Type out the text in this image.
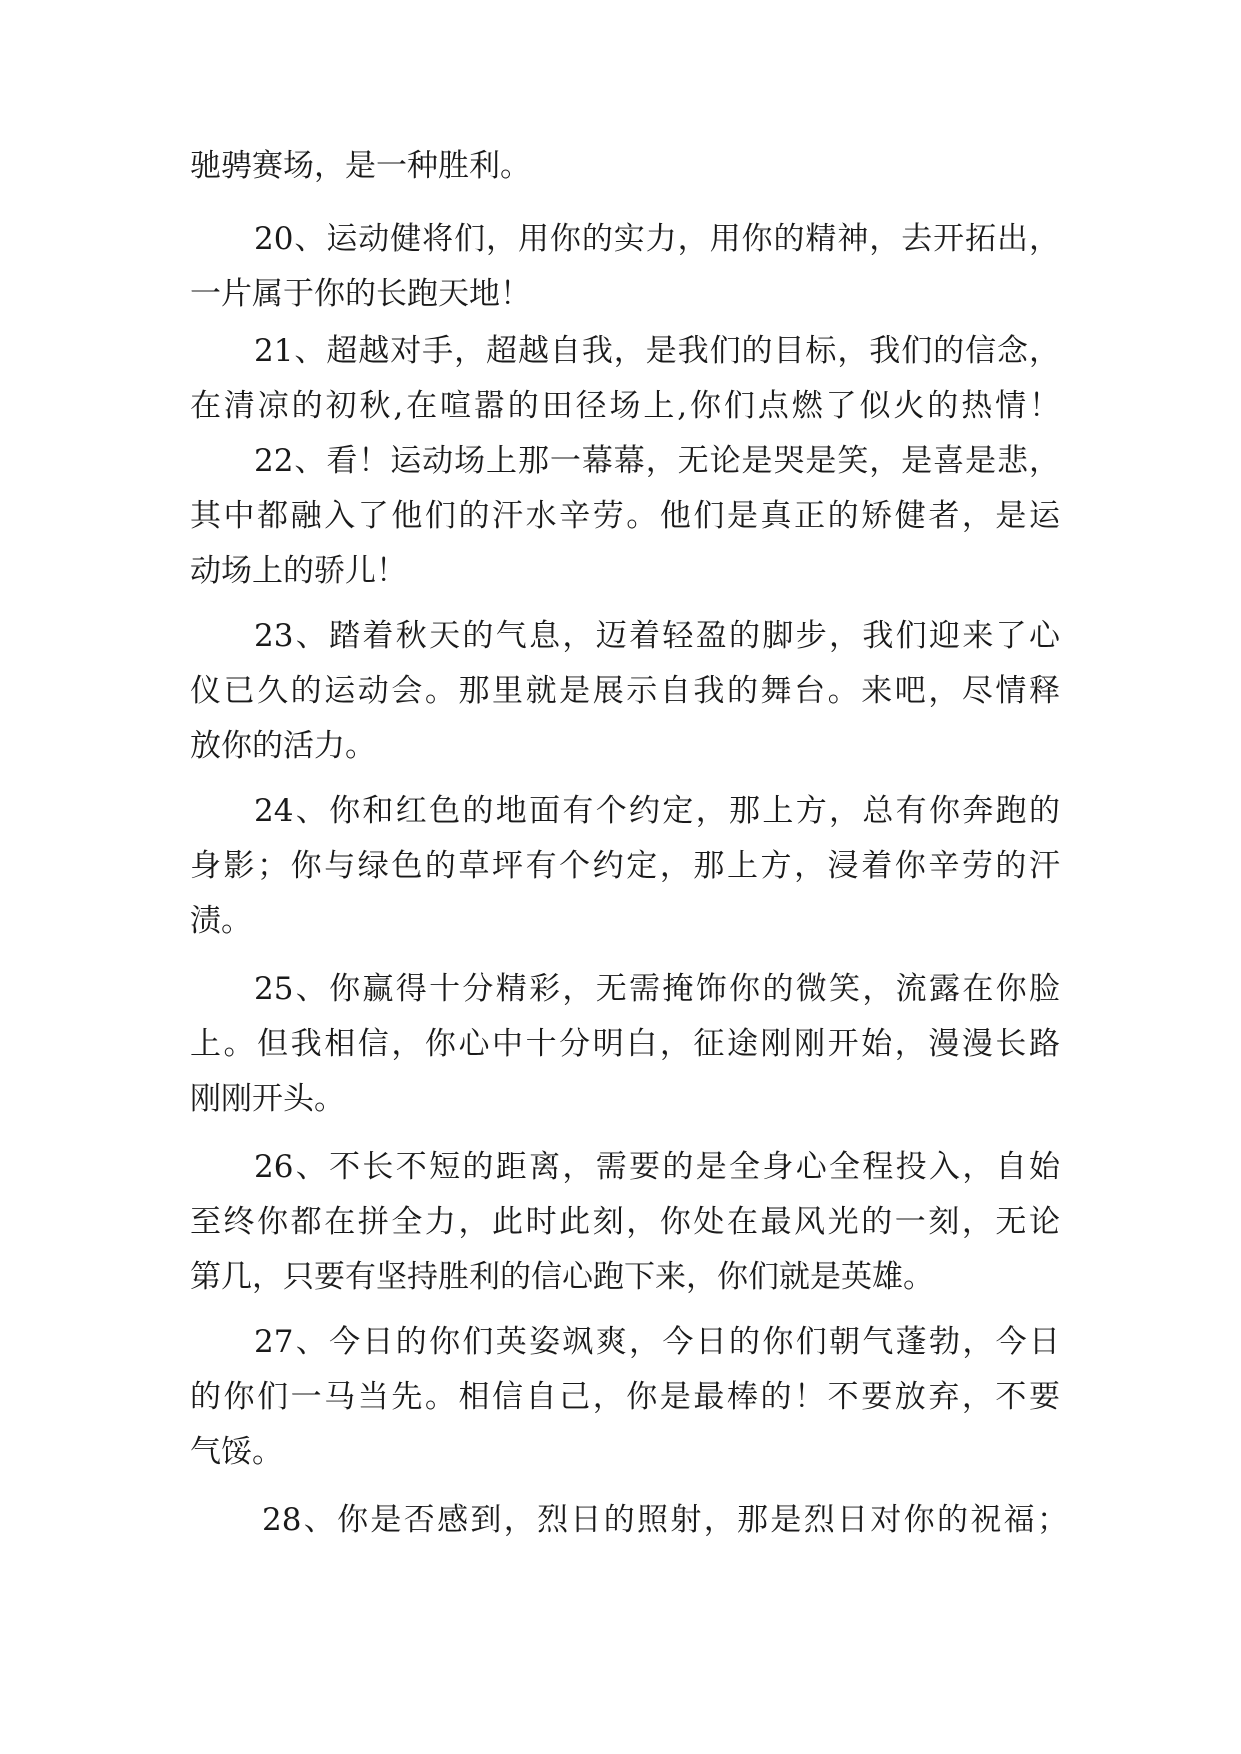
驰骋赛场，是一种胜利。
20、运动健将们，用你的实力，用你的精神，去开拓出，
一片属于你的长跑天地！
21、超越对手，超越自我，是我们的目标，我们的信念，
在清凉的初秋,在喧嚣的田径场上,你们点燃了似火的热情！
22、看！运动场上那一幕幕，无论是哭是笑，是喜是悲，
其中都融入了他们的汗水辛劳。他们是真正的矫健者，是运
动场上的骄儿！
23、踏着秋天的气息，迈着轻盈的脚步，我们迎来了心
仪已久的运动会。那里就是展示自我的舞台。来吧，尽情释
放你的活力。
24、你和红色的地面有个约定，那上方，总有你奔跑的
身影；你与绿色的草坪有个约定，那上方，浸着你辛劳的汗
渍。
25、你赢得十分精彩，无需掩饰你的微笑，流露在你脸
上。但我相信，你心中十分明白，征途刚刚开始，漫漫长路
刚刚开头。
26、不长不短的距离，需要的是全身心全程投入，自始
至终你都在拼全力，此时此刻，你处在最风光的一刻，无论
第几，只要有坚持胜利的信心跑下来，你们就是英雄。
27、今日的你们英姿飒爽，今日的你们朝气蓬勃，今日
的你们一马当先。相信自己，你是最棒的！不要放弃，不要
气馁。
28、你是否感到，烈日的照射，那是烈日对你的祝福；
